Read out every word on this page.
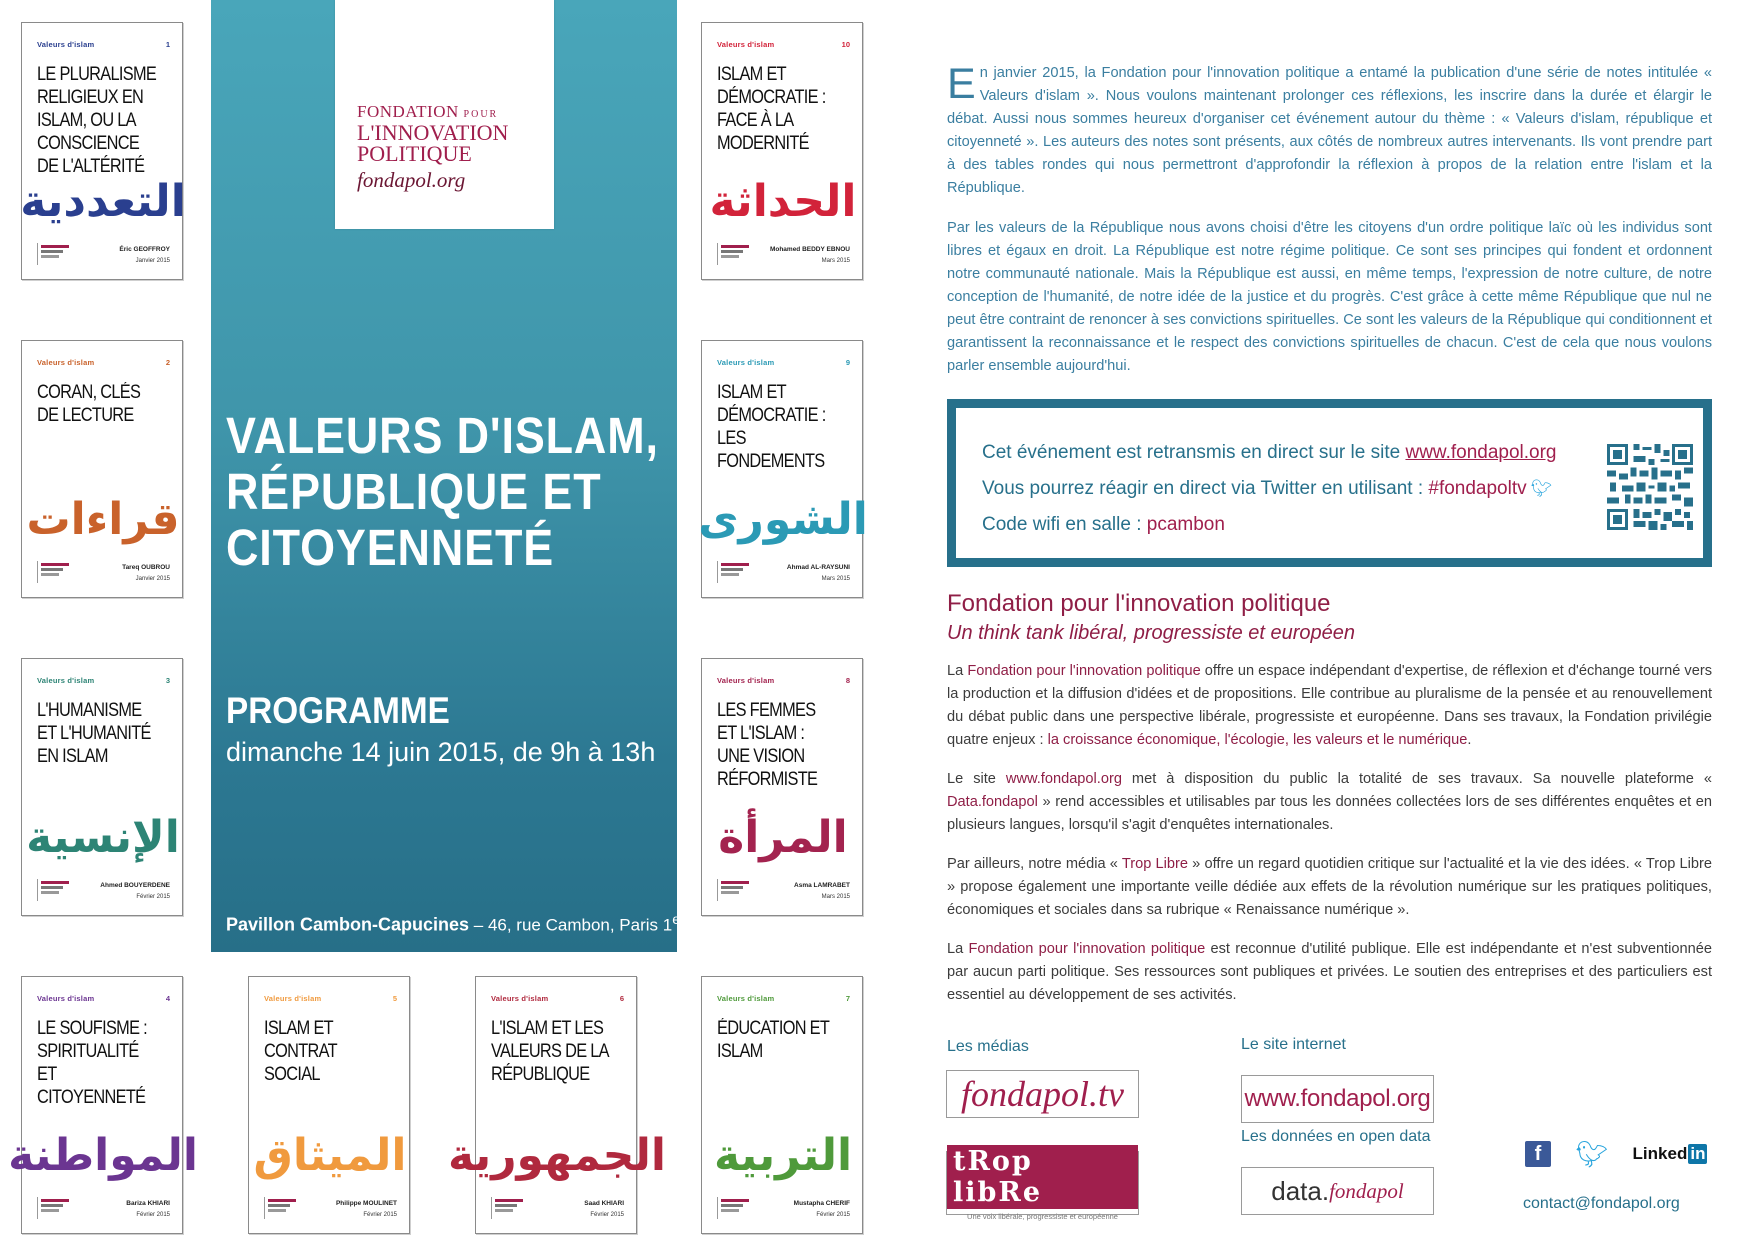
Valeurs d'islam	1
LE PLURALISME RELIGIEUX EN ISLAM, OU LA CONSCIENCE DE L'ALTÉRITÉ
التعددية
Éric GEOFFROY
Janvier 2015
Valeurs d'islam	2
CORAN, CLÉS DE LECTURE
قراءات
Tareq OUBROU
Janvier 2015
Valeurs d'islam	3
L'HUMANISME ET L'HUMANITÉ EN ISLAM
الإنسية
Ahmed BOUYERDENE
Février 2015
Valeurs d'islam	4
LE SOUFISME : SPIRITUALITÉ ET CITOYENNETÉ
المواطنة
Bariza KHIARI
Février 2015
Valeurs d'islam	5
ISLAM ET CONTRAT SOCIAL
الميثاق
Philippe MOULINET
Février 2015
Valeurs d'islam	6
L'ISLAM ET LES VALEURS DE LA RÉPUBLIQUE
الجمهورية
Saad KHIARI
Février 2015
Valeurs d'islam	7
ÉDUCATION ET ISLAM
التربية
Mustapha CHERIF
Février 2015
Valeurs d'islam	8
LES FEMMES ET L'ISLAM : UNE VISION RÉFORMISTE
المرأة
Asma LAMRABET
Mars 2015
Valeurs d'islam	9
ISLAM ET DÉMOCRATIE : LES FONDEMENTS
الشورى
Ahmad AL-RAYSUNI
Mars 2015
Valeurs d'islam	10
ISLAM ET DÉMOCRATIE : FACE À LA MODERNITÉ
الحداثة
Mohamed BEDDY EBNOU
Mars 2015
FONDATION POUR
L'INNOVATION
POLITIQUE
fondapol.org
VALEURS D'ISLAM,
RÉPUBLIQUE ET
CITOYENNETÉ
PROGRAMME
dimanche 14 juin 2015, de 9h à 13h
Pavillon Cambon-Capucines – 46, rue Cambon, Paris 1er
En janvier 2015, la Fondation pour l'innovation politique a entamé la publication d'une série de notes intitulée « Valeurs d'islam ». Nous voulons maintenant prolonger ces réflexions, les inscrire dans la durée et élargir le débat. Aussi nous sommes heureux d'organiser cet événement autour du thème : « Valeurs d'islam, république et citoyenneté ». Les auteurs des notes sont présents, aux côtés de nombreux autres intervenants. Ils vont prendre part à des tables rondes qui nous permettront d'approfondir la réflexion à propos de la relation entre l'islam et la République.
Par les valeurs de la République nous avons choisi d'être les citoyens d'un ordre politique laïc où les individus sont libres et égaux en droit. La République est notre régime politique. Ce sont ses principes qui fondent et ordonnent notre communauté nationale. Mais la République est aussi, en même temps, l'expression de notre culture, de notre conception de l'humanité, de notre idée de la justice et du progrès. C'est grâce à cette même République que nul ne peut être contraint de renoncer à ses convictions spirituelles. Ce sont les valeurs de la République qui conditionnent et garantissent la reconnaissance et le respect des convictions spirituelles de chacun. C'est de cela que nous voulons parler ensemble aujourd'hui.
Cet événement est retransmis en direct sur le site www.fondapol.org
Vous pourrez réagir en direct via Twitter en utilisant : #fondapoltv 🐦︎
Code wifi en salle : pcambon
Fondation pour l'innovation politique
Un think tank libéral, progressiste et européen
La Fondation pour l'innovation politique offre un espace indépendant d'expertise, de réflexion et d'échange tourné vers la production et la diffusion d'idées et de propositions. Elle contribue au pluralisme de la pensée et au renouvellement du débat public dans une perspective libérale, progressiste et européenne. Dans ses travaux, la Fondation privilégie quatre enjeux : la croissance économique, l'écologie, les valeurs et le numérique.
Le site www.fondapol.org met à disposition du public la totalité de ses travaux. Sa nouvelle plateforme « Data.fondapol » rend accessibles et utilisables par tous les données collectées lors de ses différentes enquêtes et en plusieurs langues, lorsqu'il s'agit d'enquêtes internationales.
Par ailleurs, notre média « Trop Libre » offre un regard quotidien critique sur l'actualité et la vie des idées. « Trop Libre » propose également une importante veille dédiée aux effets de la révolution numérique sur les pratiques politiques, économiques et sociales dans sa rubrique « Renaissance numérique ».
La Fondation pour l'innovation politique est reconnue d'utilité publique. Elle est indépendante et n'est subventionnée par aucun parti politique. Ses ressources sont publiques et privées. Le soutien des entreprises et des particuliers est essentiel au développement de ses activités.
Les médias	Le site internet
Les données en open data
fondapol.tv
tRop libRe
Une voix libérale, progressiste et européenne
www.fondapol.org
data. fondapol
f	🐦︎ Linked in
contact@fondapol.org
